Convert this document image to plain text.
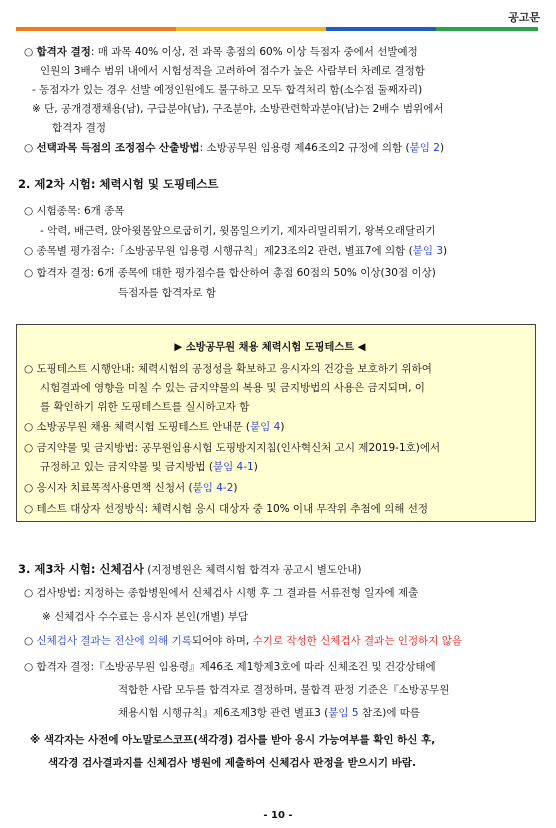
공고문
○ 합격자 결정: 매 과목 40% 이상, 전 과목 총점의 60% 이상 득점자 중에서 선발예정
인원의 3배수 범위 내에서 시험성적을 고려하여 점수가 높은 사람부터 차례로 결정함
- 동점자가 있는 경우 선발 예정인원에도 불구하고 모두 합격처리 함(소수점 둘째자리)
※ 단, 공개경쟁채용(남), 구급분야(남), 구조분야, 소방관련학과분야(남)는 2배수 범위에서
합격자 결정
○ 선택과목 득점의 조정점수 산출방법: 소방공무원 임용령 제46조의2 규정에 의함 (붙임 2)
2. 제2차 시험: 체력시험 및 도핑테스트
○ 시험종목: 6개 종목
- 악력, 배근력, 앉아윗몸앞으로굽히기, 윗몸일으키기, 제자리멀리뛰기, 왕복오래달리기
○ 종목별 평가점수:「소방공무원 임용령 시행규칙」제23조의2 관련, 별표7에 의함 (붙임 3)
○ 합격자 결정: 6개 종목에 대한 평가점수를 합산하여 총점 60점의 50% 이상(30점 이상)
득점자를 합격자로 함
▶ 소방공무원 채용 체력시험 도핑테스트 ◀
○ 도핑테스트 시행안내: 체력시험의 공정성을 확보하고 응시자의 건강을 보호하기 위하여
시험결과에 영향을 미칠 수 있는 금지약물의 복용 및 금지방법의 사용은 금지되며, 이
를 확인하기 위한 도핑테스트를 실시하고자 함
○ 소방공무원 채용 체력시험 도핑테스트 안내문 (붙임 4)
○ 금지약물 및 금지방법: 공무원임용시험 도핑방지지침(인사혁신처 고시 제2019-1호)에서
규정하고 있는 금지약물 및 금지방법 (붙임 4-1)
○ 응시자 치료목적사용면책 신청서 (붙임 4-2)
○ 테스트 대상자 선정방식: 체력시험 응시 대상자 중 10% 이내 무작위 추첨에 의해 선정
3. 제3차 시험: 신체검사 (지정병원은 체력시험 합격자 공고시 별도안내)
○ 검사방법: 지정하는 종합병원에서 신체검사 시행 후 그 결과를 서류전형 일자에 제출
※ 신체검사 수수료는 응시자 본인(개별) 부담
○ 신체검사 결과는 전산에 의해 기록되어야 하며, 수기로 작성한 신체검사 결과는 인정하지 않음
○ 합격자 결정:『소방공무원 임용령』제46조 제1항제3호에 따라 신체조건 및 건강상태에
적합한 사람 모두를 합격자로 결정하며, 불합격 판정 기준은『소방공무원
채용시험 시행규칙』제6조제3항 관련 별표3 (붙임 5 참조)에 따름
※ 색각자는 사전에 아노말로스코프(색각경) 검사를 받아 응시 가능여부를 확인 하신 후,
색각경 검사결과지를 신체검사 병원에 제출하여 신체검사 판정을 받으시기 바람.
- 10 -
